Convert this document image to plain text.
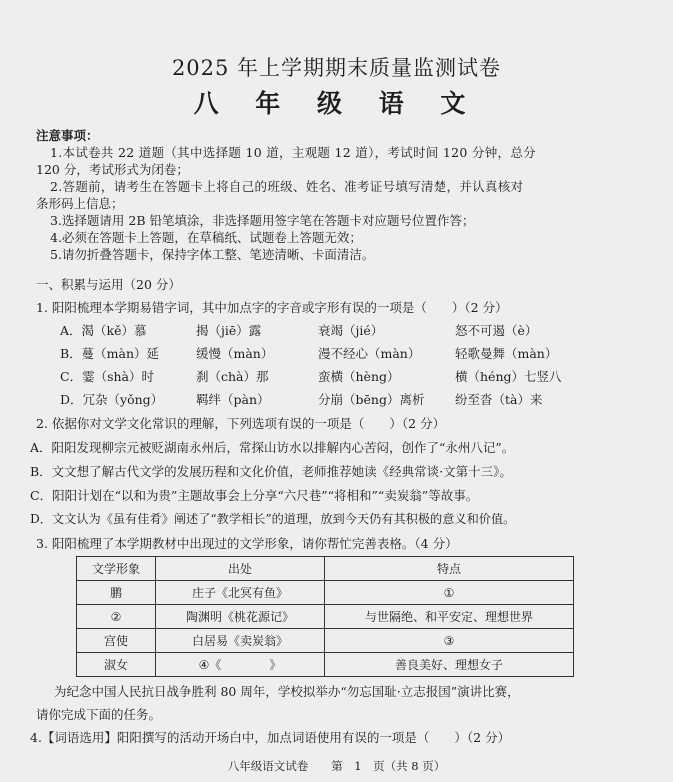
2025 年上学期期末质量监测试卷
八 年 级 语 文
注意事项：
1.本试卷共 22 道题（其中选择题 10 道，主观题 12 道），考试时间 120 分钟，总分
120 分，考试形式为闭卷；
2.答题前，请考生在答题卡上将自己的班级、姓名、准考证号填写清楚，并认真核对
条形码上信息；
3.选择题请用 2B 铅笔填涂，非选择题用签字笔在答题卡对应题号位置作答；
4.必须在答题卡上答题，在草稿纸、试题卷上答题无效；
5.请勿折叠答题卡，保持字体工整、笔迹清晰、卡面清洁。
一、积累与运用（20 分）
1. 阳阳梳理本学期易错字词，其中加点字的字音或字形有误的一项是（　　）（2 分）
A．渴（kě）慕	揭（jiē）露	衰竭（jié）	怒不可遏（è）
B．蔓（màn）延	缓慢（màn）	漫不经心（màn）	轻歌曼舞（màn）
C．霎（shà）时	刹（chà）那	蛮横（hèng）	横（héng）七竖八
D．冗杂（yǒng）	羁绊（pàn）	分崩（bēng）离析 纷至沓（tà）来
2. 依据你对文学文化常识的理解，下列选项有误的一项是（　　）（2 分）
A．阳阳发现柳宗元被贬湖南永州后，常探山访水以排解内心苦闷，创作了“永州八记”。
B．文文想了解古代文学的发展历程和文化价值，老师推荐她读《经典常谈·文第十三》。
C．阳阳计划在“以和为贵”主题故事会上分享“六尺巷”“将相和”“卖炭翁”等故事。
D．文文认为《虽有佳肴》阐述了“教学相长”的道理，放到今天仍有其积极的意义和价值。
3. 阳阳梳理了本学期教材中出现过的文学形象，请你帮忙完善表格。（4 分）
文学形象	出处	特点
鹏	庄子《北冥有鱼》	①
②	陶渊明《桃花源记》	与世隔绝、和平安定、理想世界
宫使	白居易《卖炭翁》	③
淑女	④《　　　　》	善良美好、理想女子
为纪念中国人民抗日战争胜利 80 周年，学校拟举办“勿忘国耻·立志报国”演讲比赛，
请你完成下面的任务。
4.【词语选用】阳阳撰写的活动开场白中，加点词语使用有误的一项是（　　）（2 分）
八年级语文试卷　　第　1　页（共 8 页）
